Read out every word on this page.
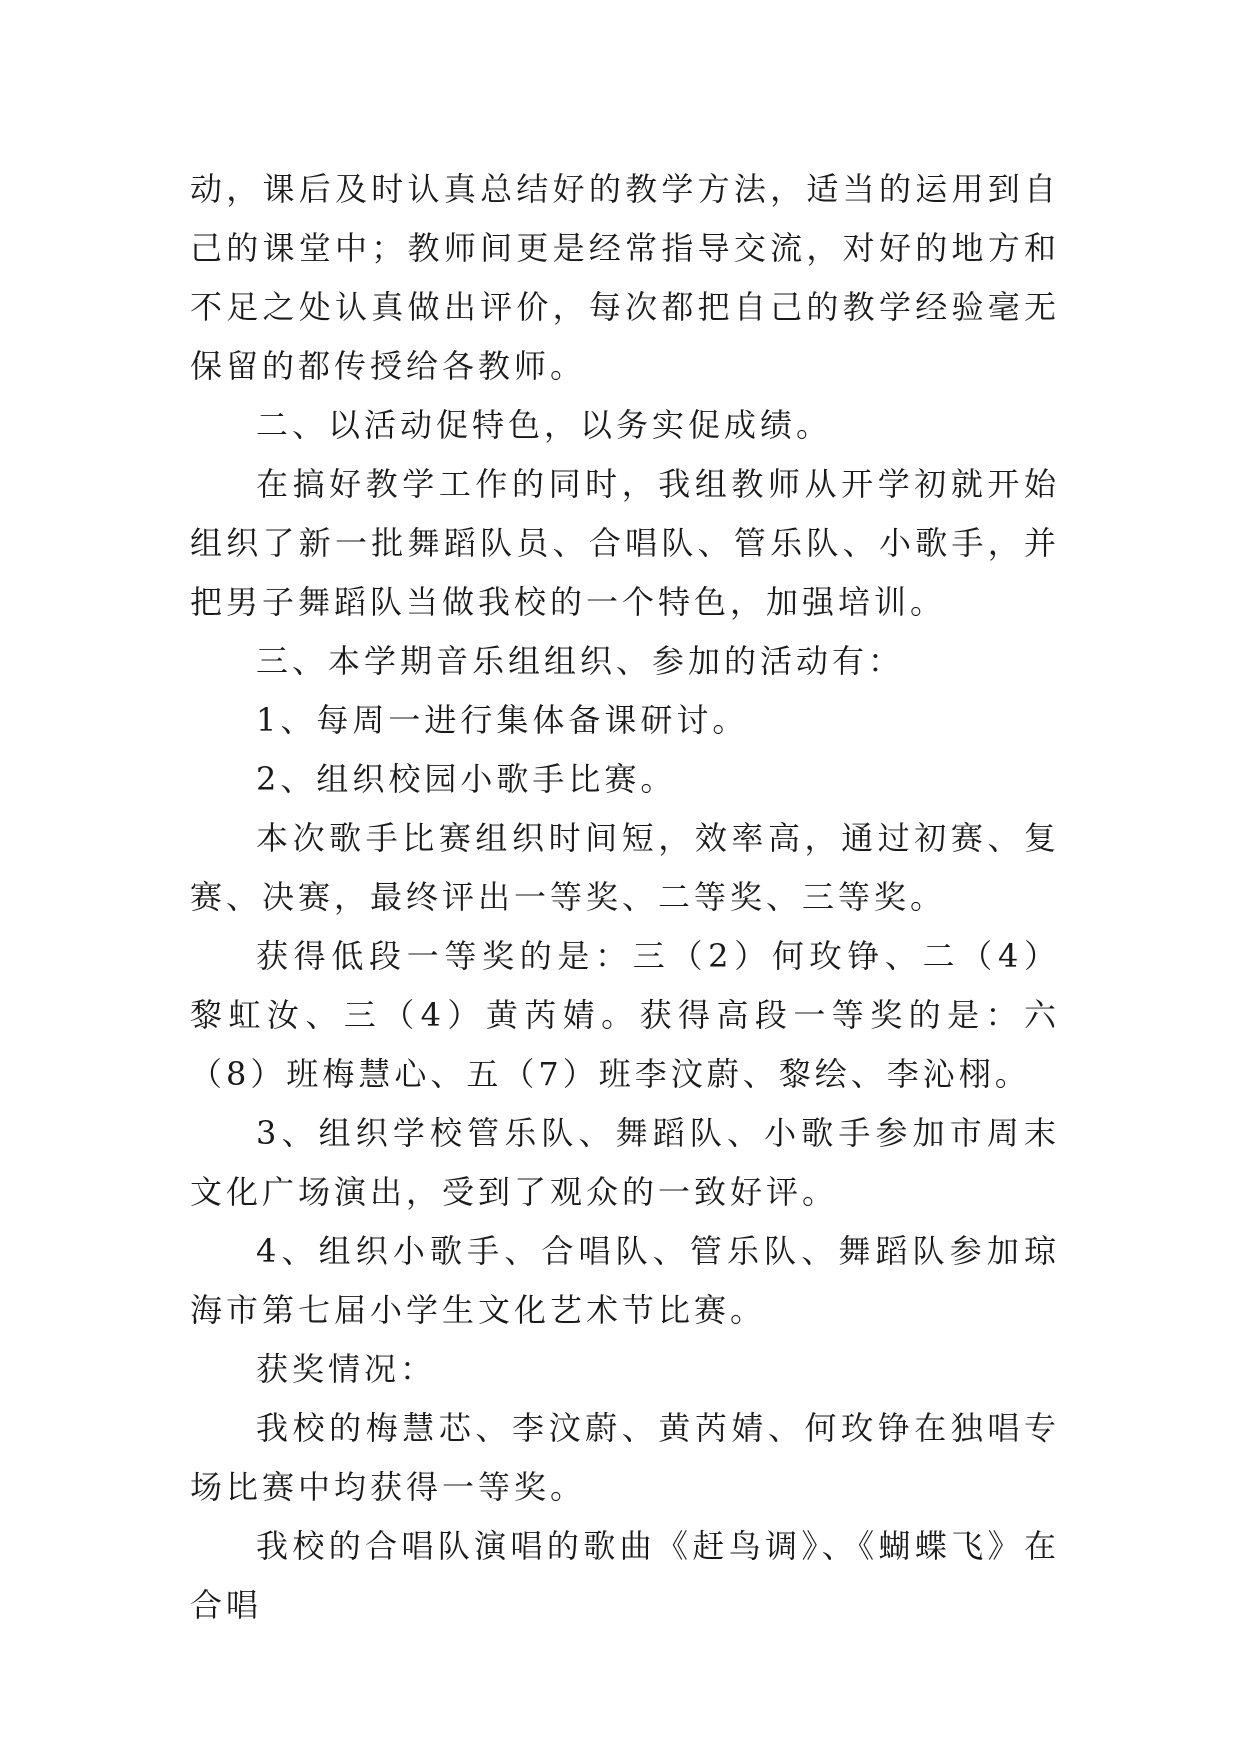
动，课后及时认真总结好的教学方法，适当的运用到自己的课堂中；教师间更是经常指导交流，对好的地方和不足之处认真做出评价，每次都把自己的教学经验毫无保留的都传授给各教师。

二、以活动促特色，以务实促成绩。

在搞好教学工作的同时，我组教师从开学初就开始组织了新一批舞蹈队员、合唱队、管乐队、小歌手，并把男子舞蹈队当做我校的一个特色，加强培训。

三、本学期音乐组组织、参加的活动有：

1、每周一进行集体备课研讨。

2、组织校园小歌手比赛。

本次歌手比赛组织时间短，效率高，通过初赛、复赛、决赛，最终评出一等奖、二等奖、三等奖。

获得低段一等奖的是：三（2）何玫铮、二（4）黎虹汝、三（4）黄芮婧。获得高段一等奖的是：六（8）班梅慧心、五（7）班李汶蔚、黎绘、李沁栩。

3、组织学校管乐队、舞蹈队、小歌手参加市周末文化广场演出，受到了观众的一致好评。

4、组织小歌手、合唱队、管乐队、舞蹈队参加琼海市第七届小学生文化艺术节比赛。

获奖情况：

我校的梅慧芯、李汶蔚、黄芮婧、何玫铮在独唱专场比赛中均获得一等奖。

我校的合唱队演唱的歌曲《赶鸟调》、《蝴蝶飞》在合唱
